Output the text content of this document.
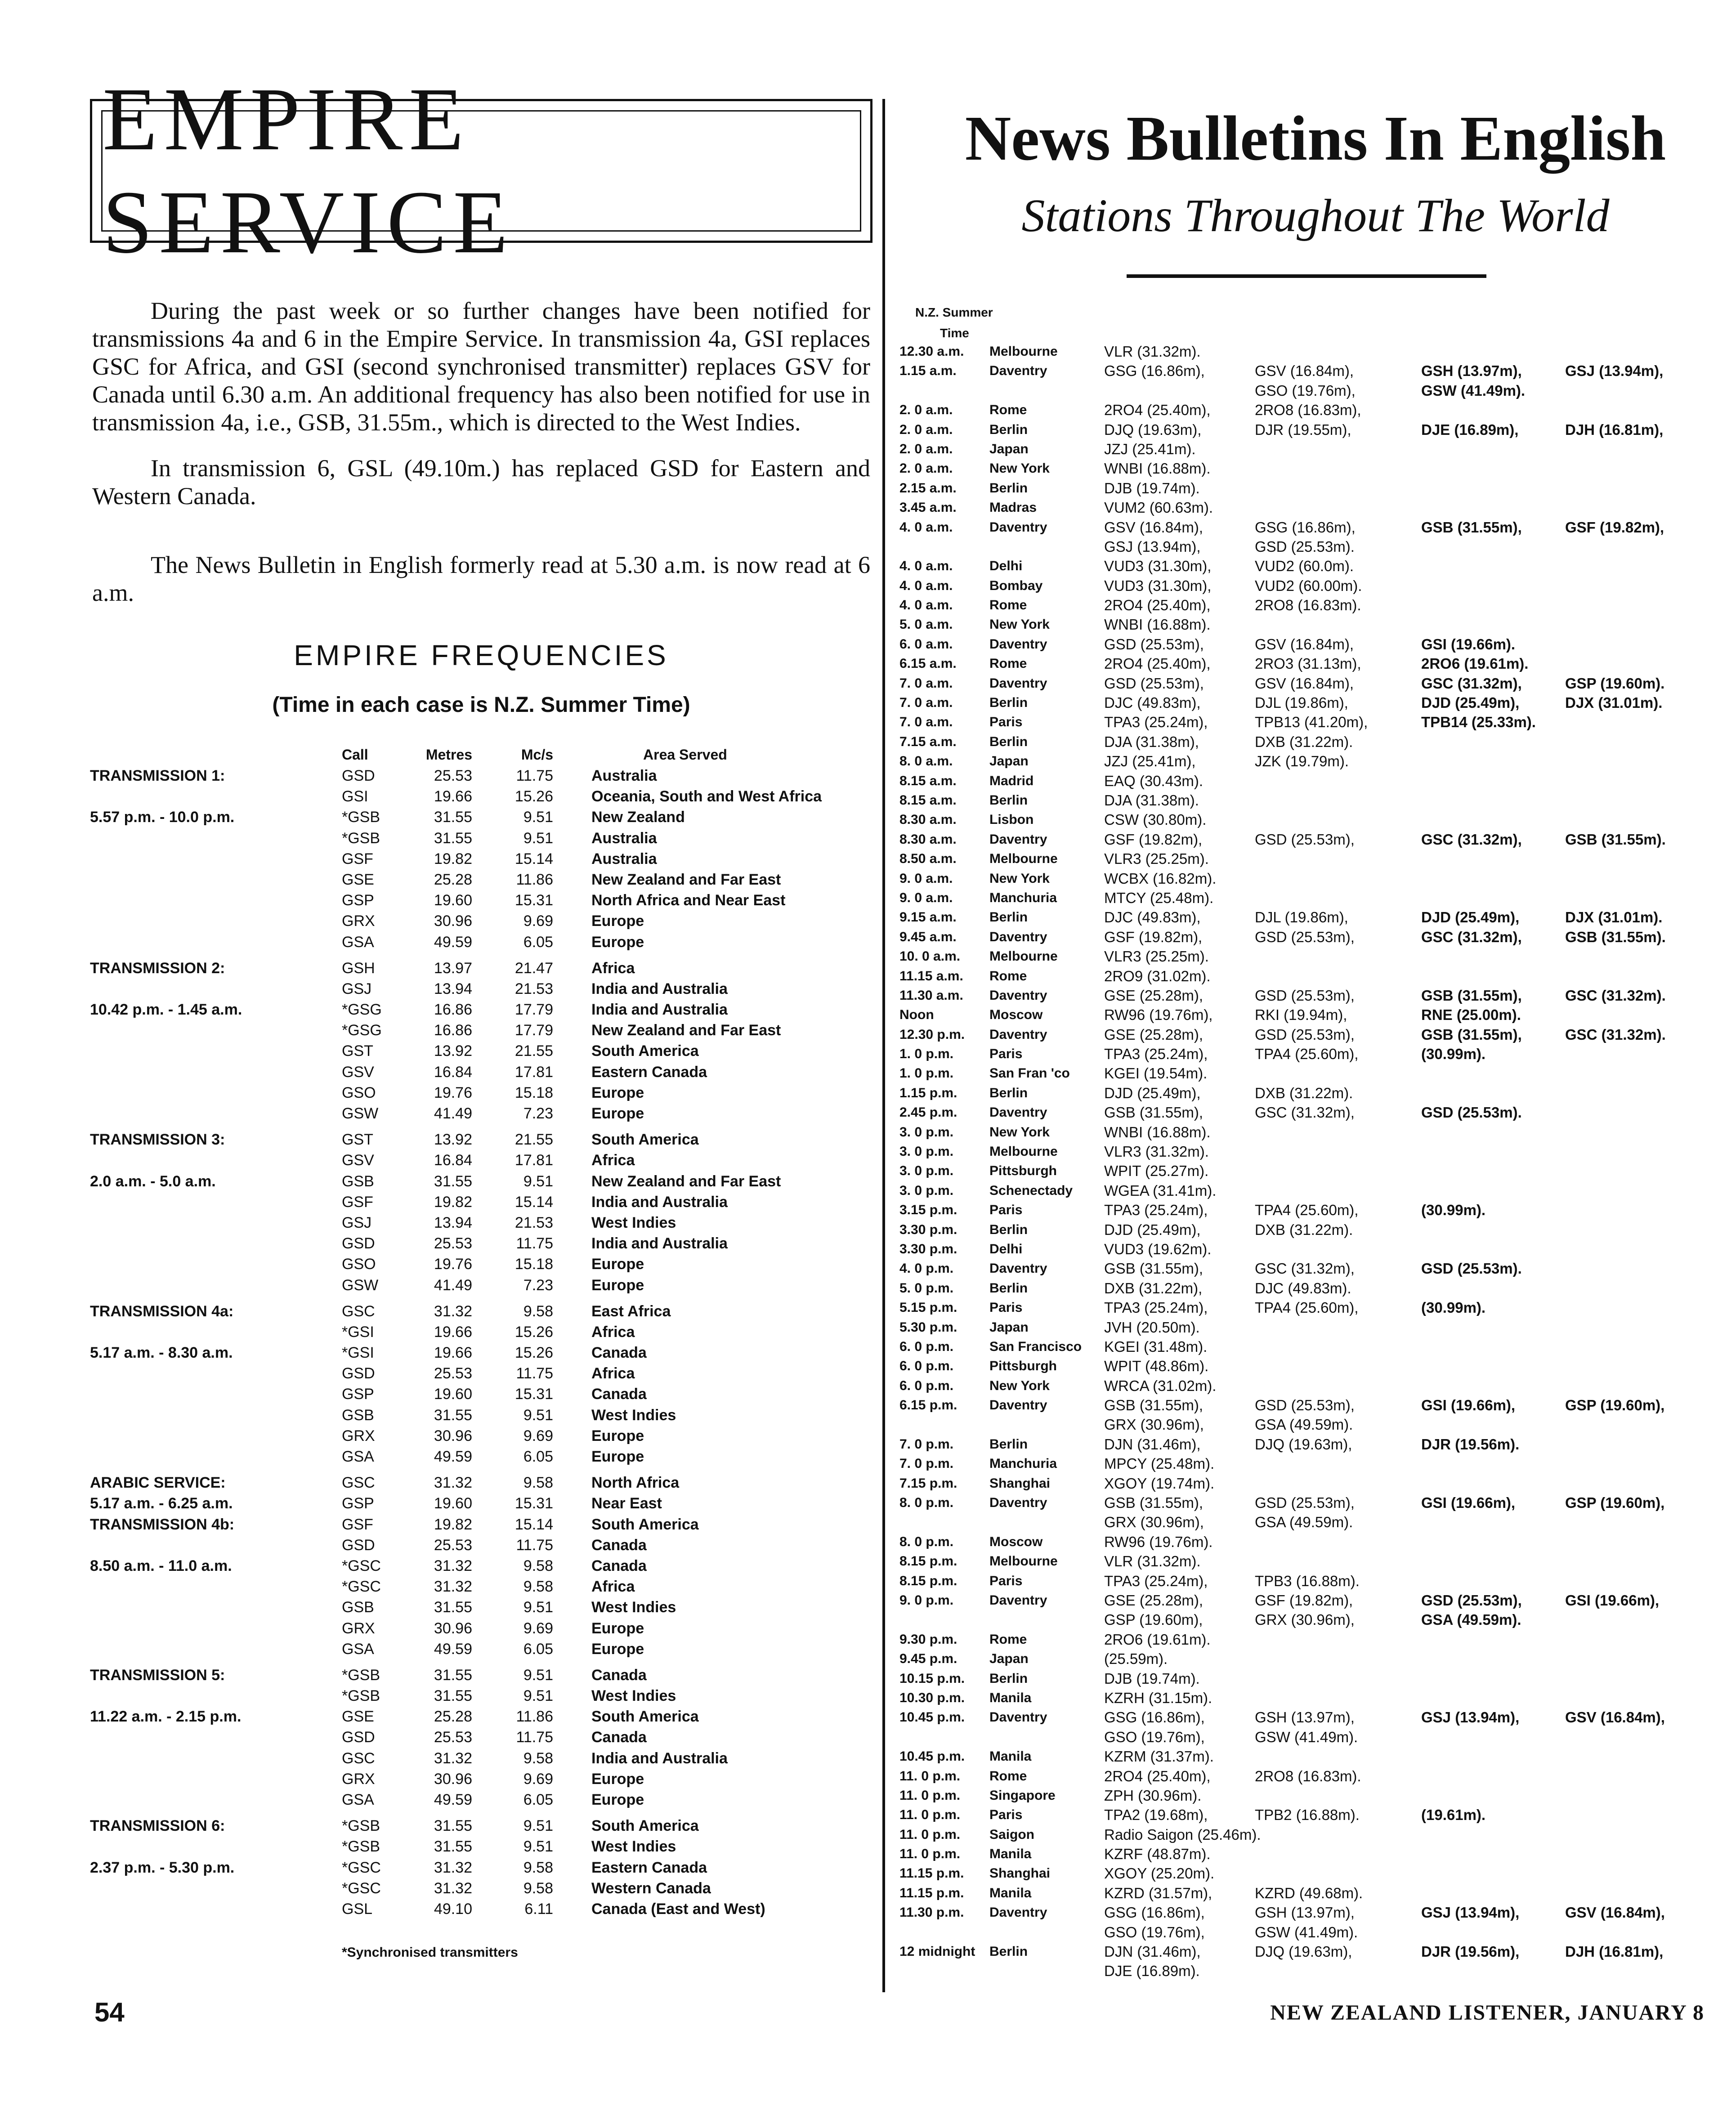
EMPIRE SERVICE

During the past week or so further changes have been notified for transmissions 4a and 6 in the Empire Service. In transmission 4a, GSI replaces GSC for Africa, and GSI (second synchronised transmitter) replaces GSV for Canada until 6.30 a.m. An additional frequency has also been notified for use in transmission 4a, i.e., GSB, 31.55m., which is directed to the West Indies.

In transmission 6, GSL (49.10m.) has replaced GSD for Eastern and Western Canada.

The News Bulletin in English formerly read at 5.30 a.m. is now read at 6 a.m.

EMPIRE FREQUENCIES
(Time in each case is N.Z. Summer Time)
Call	Metres	Mc/s	Area Served
TRANSMISSION 1:	GSD	25.53	11.75	Australia
GSI	19.66	15.26	Oceania, South and West Africa
5.57 p.m. - 10.0 p.m.	*GSB	31.55	9.51	New Zealand
*GSB	31.55	9.51	Australia
GSF	19.82	15.14	Australia
GSE	25.28	11.86	New Zealand and Far East
GSP	19.60	15.31	North Africa and Near East
GRX	30.96	9.69	Europe
GSA	49.59	6.05	Europe
TRANSMISSION 2:	GSH	13.97	21.47	Africa
GSJ	13.94	21.53	India and Australia
10.42 p.m. - 1.45 a.m.	*GSG	16.86	17.79	India and Australia
*GSG	16.86	17.79	New Zealand and Far East
GST	13.92	21.55	South America
GSV	16.84	17.81	Eastern Canada
GSO	19.76	15.18	Europe
GSW	41.49	7.23	Europe
TRANSMISSION 3:	GST	13.92	21.55	South America
GSV	16.84	17.81	Africa
2.0 a.m. - 5.0 a.m.	GSB	31.55	9.51	New Zealand and Far East
GSF	19.82	15.14	India and Australia
GSJ	13.94	21.53	West Indies
GSD	25.53	11.75	India and Australia
GSO	19.76	15.18	Europe
GSW	41.49	7.23	Europe
TRANSMISSION 4a:	GSC	31.32	9.58	East Africa
*GSI	19.66	15.26	Africa
5.17 a.m. - 8.30 a.m.	*GSI	19.66	15.26	Canada
GSD	25.53	11.75	Africa
GSP	19.60	15.31	Canada
GSB	31.55	9.51	West Indies
GRX	30.96	9.69	Europe
GSA	49.59	6.05	Europe
ARABIC SERVICE:	GSC	31.32	9.58	North Africa
5.17 a.m. - 6.25 a.m.	GSP	19.60	15.31	Near East
TRANSMISSION 4b:	GSF	19.82	15.14	South America
GSD	25.53	11.75	Canada
8.50 a.m. - 11.0 a.m.	*GSC	31.32	9.58	Canada
*GSC	31.32	9.58	Africa
GSB	31.55	9.51	West Indies
GRX	30.96	9.69	Europe
GSA	49.59	6.05	Europe
TRANSMISSION 5:	*GSB	31.55	9.51	Canada
*GSB	31.55	9.51	West Indies
11.22 a.m. - 2.15 p.m.	GSE	25.28	11.86	South America
GSD	25.53	11.75	Canada
GSC	31.32	9.58	India and Australia
GRX	30.96	9.69	Europe
GSA	49.59	6.05	Europe
TRANSMISSION 6:	*GSB	31.55	9.51	South America
*GSB	31.55	9.51	West Indies
2.37 p.m. - 5.30 p.m.	*GSC	31.32	9.58	Eastern Canada
*GSC	31.32	9.58	Western Canada
GSL	49.10	6.11	Canada (East and West)
*Synchronised transmitters
News Bulletins In English
Stations Throughout The World
N.Z. Summer
Time
12.30 a.m. Melbourne	VLR (31.32m).
1.15 a.m. Daventry	GSG (16.86m),	GSV (16.84m),	GSH (13.97m),	GSJ (13.94m),
GSO (19.76m),	GSW (41.49m).
2. 0 a.m.	Rome	2RO4 (25.40m),	2RO8 (16.83m),
2. 0 a.m.	Berlin	DJQ (19.63m),	DJR (19.55m),	DJE (16.89m),	DJH (16.81m),
2. 0 a.m.	Japan	JZJ (25.41m).
2. 0 a.m.	New York	WNBI (16.88m).
2.15 a.m. Berlin	DJB (19.74m).
3.45 a.m. Madras	VUM2 (60.63m).
4. 0 a.m.	Daventry	GSV (16.84m),	GSG (16.86m),	GSB (31.55m),	GSF (19.82m),
GSJ (13.94m),	GSD (25.53m).
4. 0 a.m.	Delhi	VUD3 (31.30m),	VUD2 (60.0m).
4. 0 a.m.	Bombay	VUD3 (31.30m),	VUD2 (60.00m).
4. 0 a.m.	Rome	2RO4 (25.40m),	2RO8 (16.83m).
5. 0 a.m.	New York	WNBI (16.88m).
6. 0 a.m.	Daventry	GSD (25.53m),	GSV (16.84m),	GSI (19.66m).
6.15 a.m. Rome	2RO4 (25.40m),	2RO3 (31.13m),	2RO6 (19.61m).
7. 0 a.m.	Daventry	GSD (25.53m),	GSV (16.84m),	GSC (31.32m),	GSP (19.60m).
7. 0 a.m.	Berlin	DJC (49.83m),	DJL (19.86m),	DJD (25.49m),	DJX (31.01m).
7. 0 a.m.	Paris	TPA3 (25.24m),	TPB13 (41.20m),	TPB14 (25.33m).
7.15 a.m. Berlin	DJA (31.38m),	DXB (31.22m).
8. 0 a.m.	Japan	JZJ (25.41m),	JZK (19.79m).
8.15 a.m. Madrid	EAQ (30.43m).
8.15 a.m. Berlin	DJA (31.38m).
8.30 a.m. Lisbon	CSW (30.80m).
8.30 a.m. Daventry	GSF (19.82m),	GSD (25.53m),	GSC (31.32m),	GSB (31.55m).
8.50 a.m. Melbourne	VLR3 (25.25m).
9. 0 a.m.	New York	WCBX (16.82m).
9. 0 a.m.	Manchuria	MTCY (25.48m).
9.15 a.m. Berlin	DJC (49.83m),	DJL (19.86m),	DJD (25.49m),	DJX (31.01m).
9.45 a.m. Daventry	GSF (19.82m),	GSD (25.53m),	GSC (31.32m),	GSB (31.55m).
10. 0 a.m. Melbourne	VLR3 (25.25m).
11.15 a.m. Rome	2RO9 (31.02m).
11.30 a.m. Daventry	GSE (25.28m),	GSD (25.53m),	GSB (31.55m),	GSC (31.32m).
Noon	Moscow	RW96 (19.76m),	RKI (19.94m),	RNE (25.00m).
12.30 p.m. Daventry	GSE (25.28m),	GSD (25.53m),	GSB (31.55m),	GSC (31.32m).
1. 0 p.m.	Paris	TPA3 (25.24m),	TPA4 (25.60m),	(30.99m).
1. 0 p.m.	San Fran 'co KGEI (19.54m).
1.15 p.m. Berlin	DJD (25.49m),	DXB (31.22m).
2.45 p.m. Daventry	GSB (31.55m),	GSC (31.32m),	GSD (25.53m).
3. 0 p.m.	New York	WNBI (16.88m).
3. 0 p.m.	Melbourne	VLR3 (31.32m).
3. 0 p.m.	Pittsburgh	WPIT (25.27m).
3. 0 p.m.	Schenectady WGEA (31.41m).
3.15 p.m. Paris	TPA3 (25.24m),	TPA4 (25.60m),	(30.99m).
3.30 p.m. Berlin	DJD (25.49m),	DXB (31.22m).
3.30 p.m. Delhi	VUD3 (19.62m).
4. 0 p.m.	Daventry	GSB (31.55m),	GSC (31.32m),	GSD (25.53m).
5. 0 p.m.	Berlin	DXB (31.22m),	DJC (49.83m).
5.15 p.m. Paris	TPA3 (25.24m),	TPA4 (25.60m),	(30.99m).
5.30 p.m. Japan	JVH (20.50m).
6. 0 p.m.	San Francisco KGEI (31.48m).
6. 0 p.m.	Pittsburgh	WPIT (48.86m).
6. 0 p.m.	New York	WRCA (31.02m).
6.15 p.m. Daventry	GSB (31.55m),	GSD (25.53m),	GSI (19.66m),	GSP (19.60m),
GRX (30.96m),	GSA (49.59m).
7. 0 p.m.	Berlin	DJN (31.46m),	DJQ (19.63m),	DJR (19.56m).
7. 0 p.m.	Manchuria	MPCY (25.48m).
7.15 p.m. Shanghai	XGOY (19.74m).
8. 0 p.m.	Daventry	GSB (31.55m),	GSD (25.53m),	GSI (19.66m),	GSP (19.60m),
GRX (30.96m),	GSA (49.59m).
8. 0 p.m.	Moscow	RW96 (19.76m).
8.15 p.m. Melbourne	VLR (31.32m).
8.15 p.m. Paris	TPA3 (25.24m),	TPB3 (16.88m).
9. 0 p.m.	Daventry	GSE (25.28m),	GSF (19.82m),	GSD (25.53m),	GSI (19.66m),
GSP (19.60m),	GRX (30.96m),	GSA (49.59m).
9.30 p.m. Rome	2RO6 (19.61m).
9.45 p.m. Japan	(25.59m).
10.15 p.m. Berlin	DJB (19.74m).
10.30 p.m. Manila	KZRH (31.15m).
10.45 p.m. Daventry	GSG (16.86m),	GSH (13.97m),	GSJ (13.94m),	GSV (16.84m),
GSO (19.76m),	GSW (41.49m).
10.45 p.m. Manila	KZRM (31.37m).
11. 0 p.m. Rome	2RO4 (25.40m),	2RO8 (16.83m).
11. 0 p.m. Singapore	ZPH (30.96m).
11. 0 p.m. Paris	TPA2 (19.68m),	TPB2 (16.88m).	(19.61m).
11. 0 p.m. Saigon	Radio Saigon (25.46m).
11. 0 p.m. Manila	KZRF (48.87m).
11.15 p.m. Shanghai	XGOY (25.20m).
11.15 p.m. Manila	KZRD (31.57m),	KZRD (49.68m).
11.30 p.m. Daventry	GSG (16.86m),	GSH (13.97m),	GSJ (13.94m),	GSV (16.84m),
GSO (19.76m),	GSW (41.49m).
12 midnight Berlin	DJN (31.46m),	DJQ (19.63m),	DJR (19.56m),	DJH (16.81m),
DJE (16.89m).
54	NEW ZEALAND LISTENER, JANUARY 8
